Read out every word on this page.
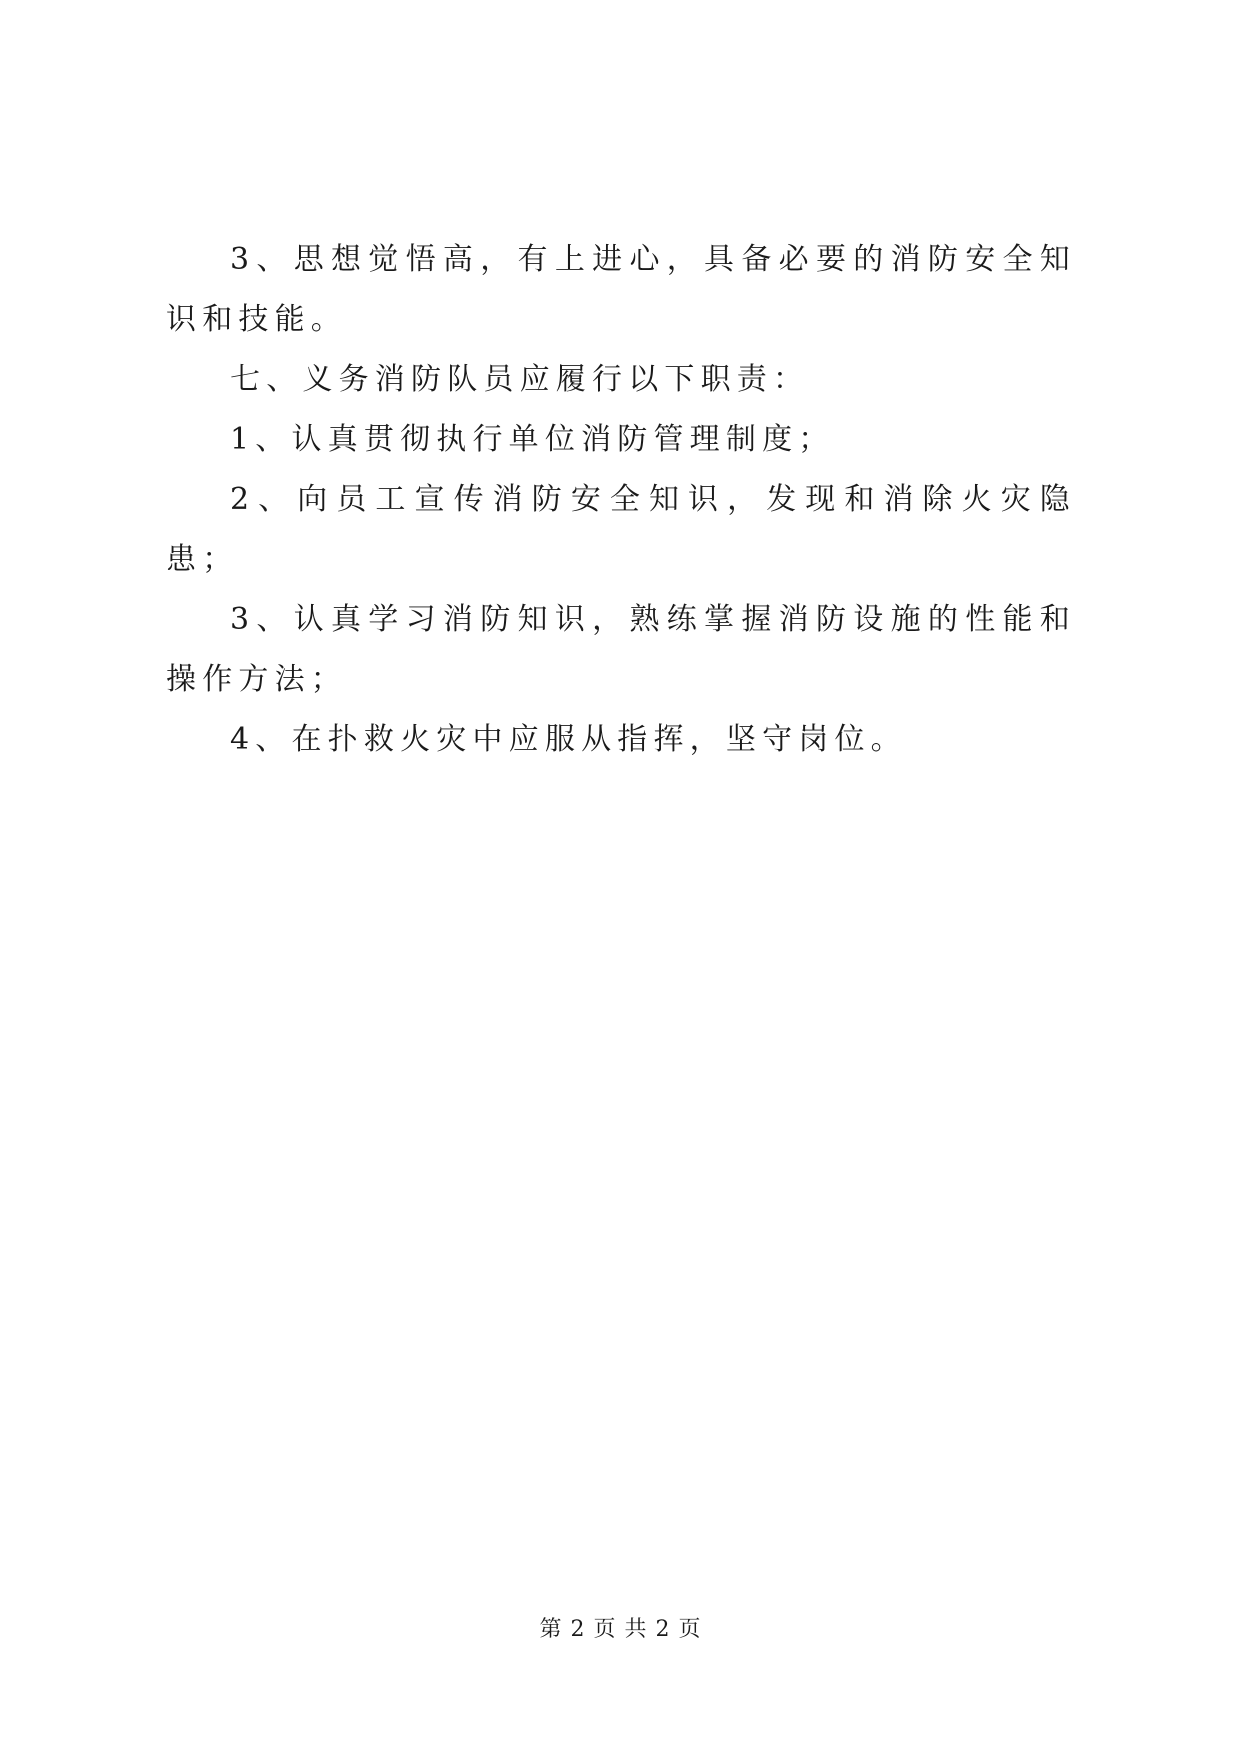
3、思想觉悟高，有上进心，具备必要的消防安全知识和技能。

七、义务消防队员应履行以下职责：

1、认真贯彻执行单位消防管理制度；

2、向员工宣传消防安全知识，发现和消除火灾隐患；

3、认真学习消防知识，熟练掌握消防设施的性能和操作方法；

4、在扑救火灾中应服从指挥，坚守岗位。

第 2 页 共 2 页
